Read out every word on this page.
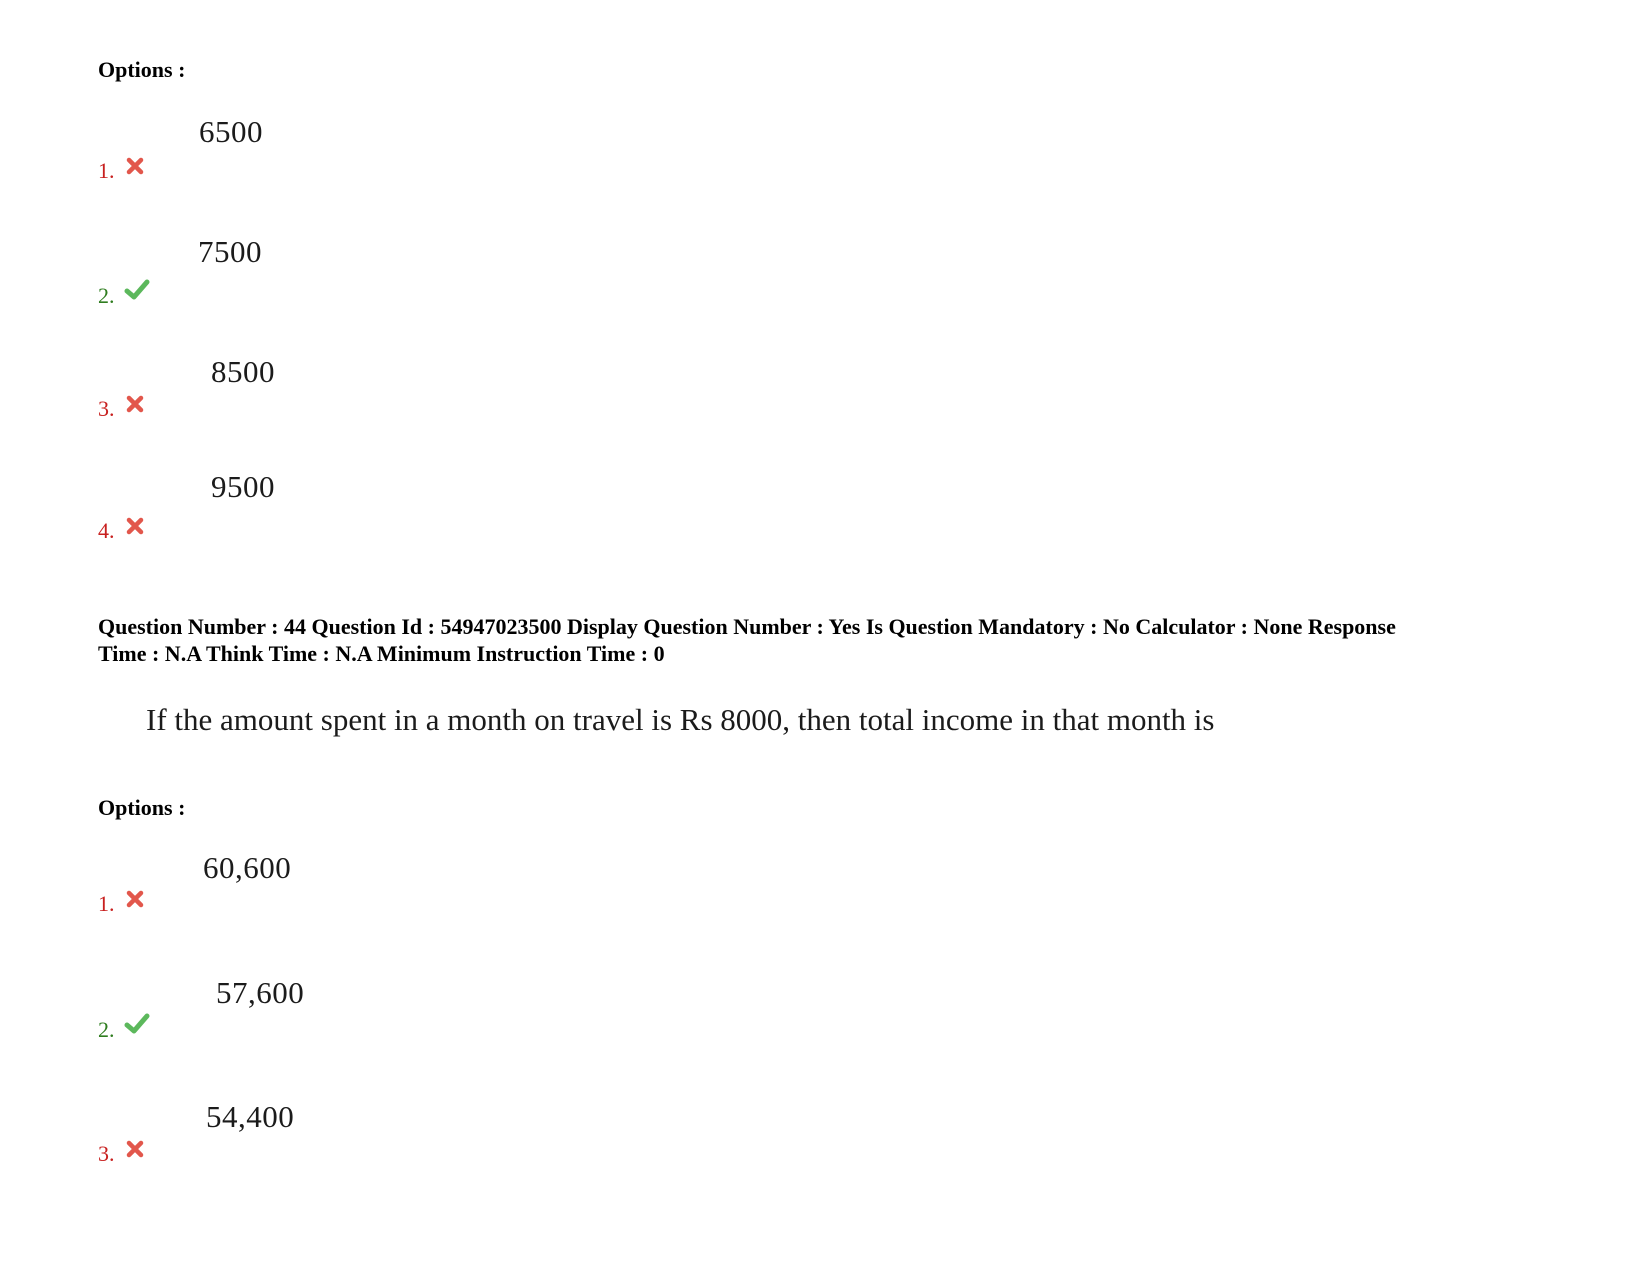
Options :
6500
1.
7500
2.
8500
3.
9500
4.
Question Number : 44 Question Id : 54947023500 Display Question Number : Yes Is Question Mandatory : No Calculator : None Response
Time : N.A Think Time : N.A Minimum Instruction Time : 0
If the amount spent in a month on travel is Rs 8000, then total income in that month is
Options :
60,600
1.
57,600
2.
54,400
3.
